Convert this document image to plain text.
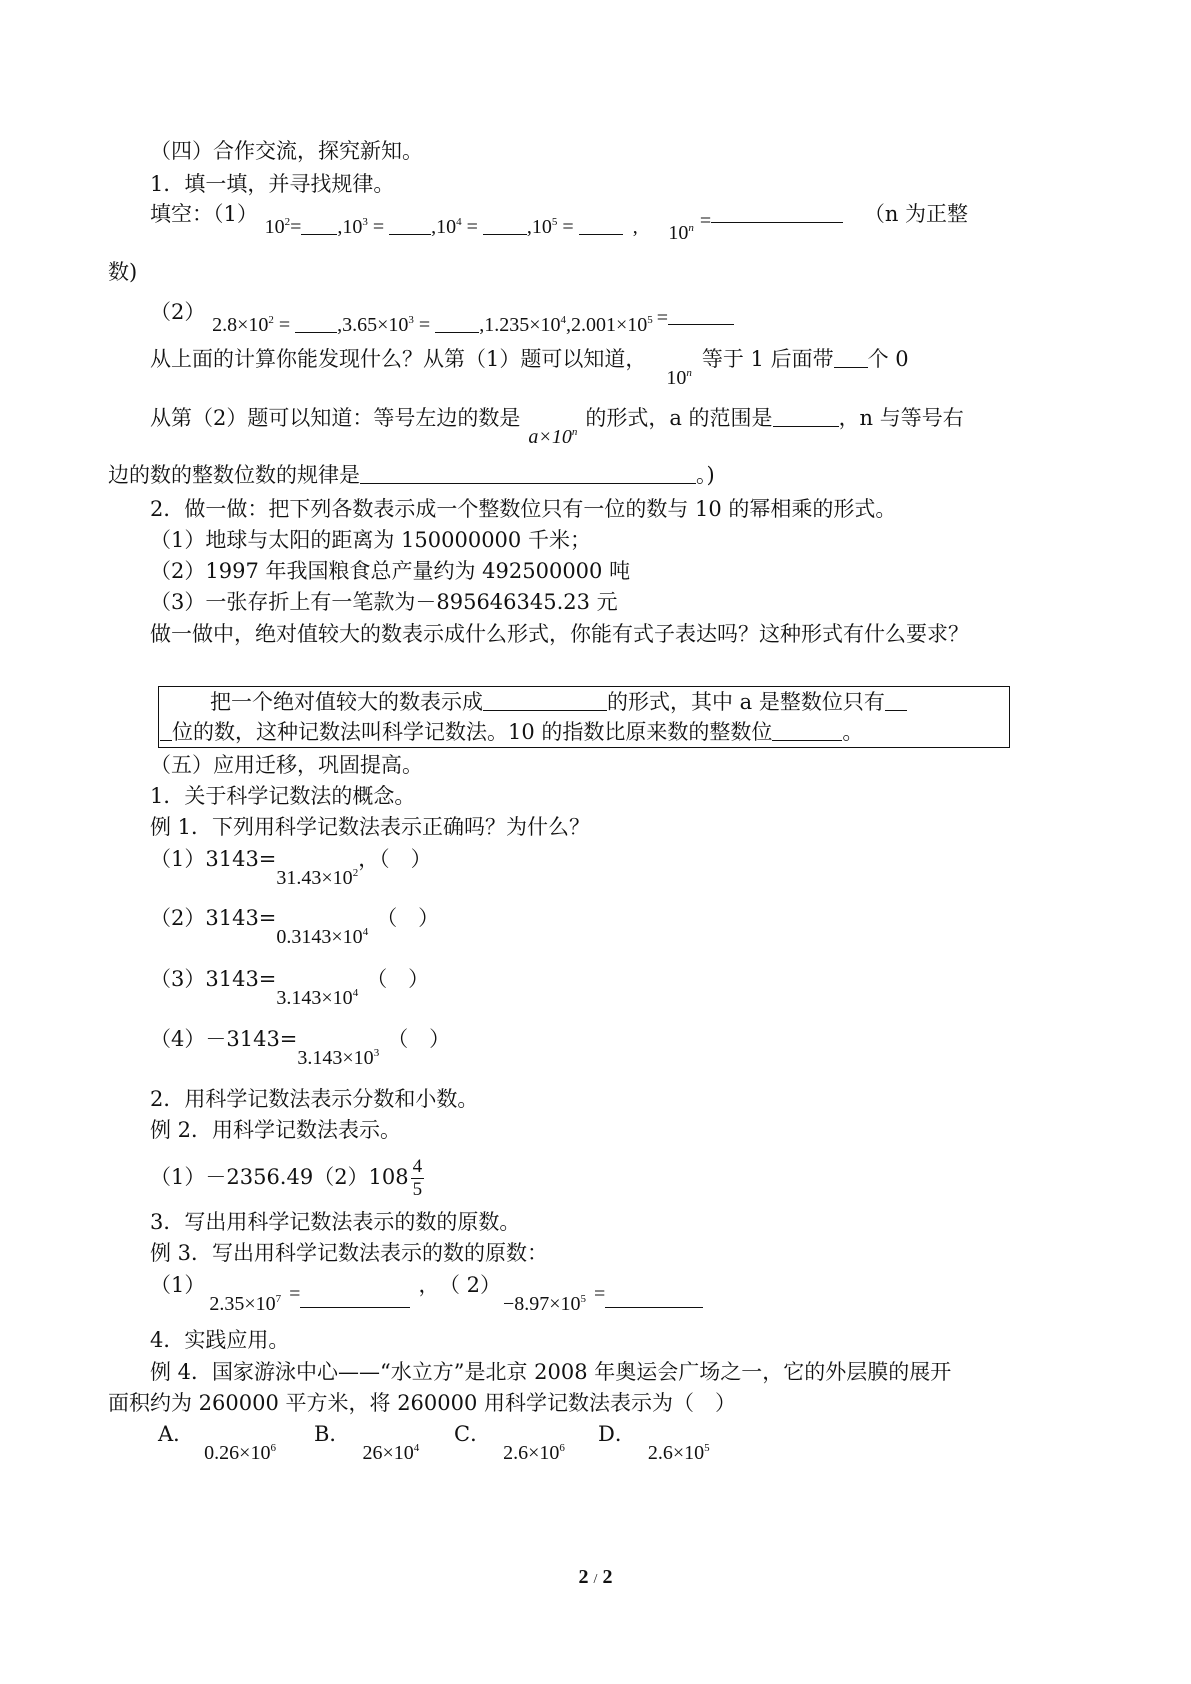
（四）合作交流，探究新知。
1．填一填，并寻找规律。
填空：（1） $10^2= ,10^3 = ,10^4 = ,10^5$ =	, $10^n$ =	（n 为正整
数)
（2） $2.8\times 10^2 = ,3.65\times 10^3 = ,1.235\times 10^4,2.001\times 10^5$ =
从上面的计算你能发现什么？从第（1）题可以知道，10$^n$等于 1 后面带 个 0
从第（2）题可以知道：等号左边的数是$a\times 10^n$的形式，a 的范围是	，n 与等号右
边的数的整数位数的规律是	。)
2．做一做：把下列各数表示成一个整数位只有一位的数与 10 的幂相乘的形式。
（1）地球与太阳的距离为 150000000 千米；
（2）1997 年我国粮食总产量约为 492500000 吨
（3）一张存折上有一笔款为－895646345.23 元
做一做中，绝对值较大的数表示成什么形式，你能有式子表达吗？这种形式有什么要求？
把一个绝对值较大的数表示成	的形式，其中 a 是整数位只有
位的数，这种记数法叫科学记数法。10 的指数比原来数的整数位	。
（五）应用迁移，巩固提高。
1．关于科学记数法的概念。
例 1．下列用科学记数法表示正确吗？为什么？
$(1)3143=31.43\times 10^2$，（　）
$(2)3143=0.3143\times 10^4$（　）
$(3)3143=3.143\times 10^4$（　）
$(4)-3143=3.143\times 10^3$（　）
2．用科学记数法表示分数和小数。
例 2．用科学记数法表示。
$(1)-2356.49(2)108 \frac{4}{5}$
3．写出用科学记数法表示的数的原数。
例 3．写出用科学记数法表示的数的原数：
$(1)2.35\times 10^7$ =	， （ $2)-8.97\times 10^5$ =
4．实践应用。
例 4．国家游泳中心——“水立方”是北京 2008 年奥运会广场之一，它的外层膜的展开
面积约为 260000 平方米，将 260000 用科学记数法表示为（　）
A．$0.26\times 10^6$
B．$26\times 10^4$
C．$2.6\times 10^6$
D．$2.6\times 10^5$
2 / 2
